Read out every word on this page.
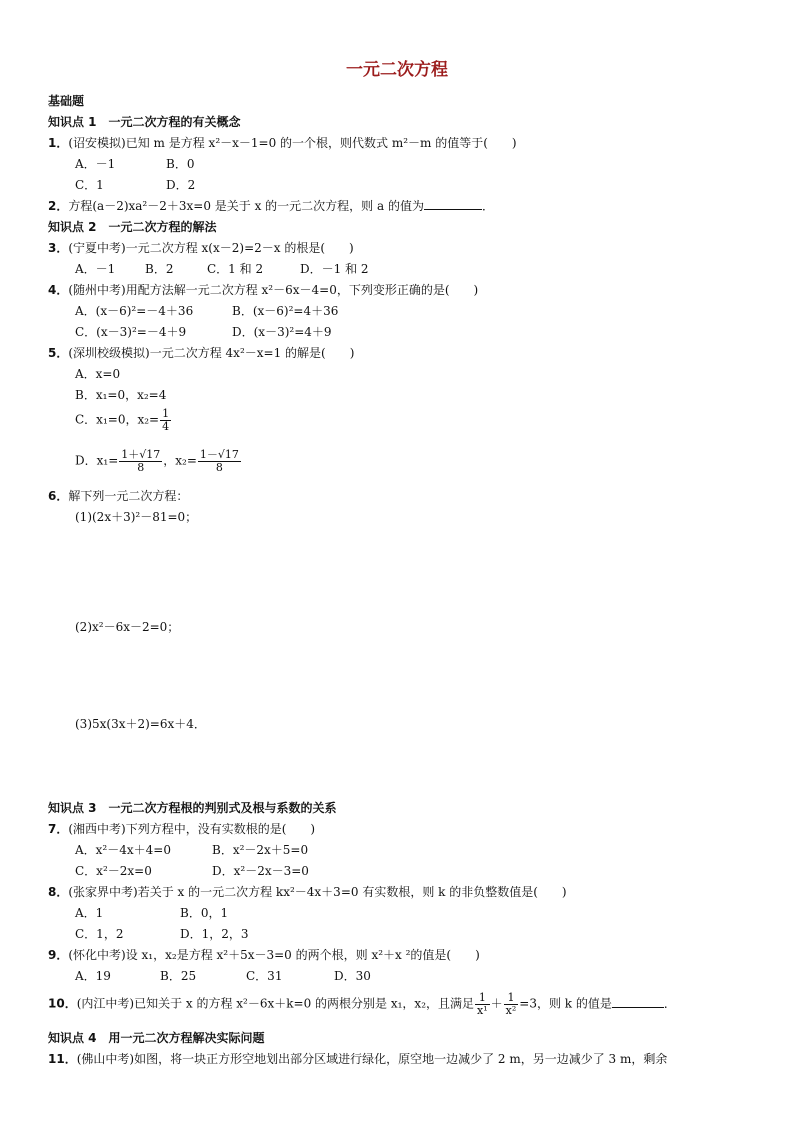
一元二次方程
基础题
知识点 1　一元二次方程的有关概念
1．(诏安模拟)已知 m 是方程 x²－x－1=0 的一个根，则代数式 m²－m 的值等于(　　)
A．－1	B．0
C．1	D．2
2．方程(a－2)xa²－2＋3x=0 是关于 x 的一元二次方程，则 a 的值为	．
知识点 2　一元二次方程的解法
3．(宁夏中考)一元二次方程 x(x－2)=2－x 的根是(　　)
A．－1 B．2	C．1 和 2	D．－1 和 2
4．(随州中考)用配方法解一元二次方程 x²－6x－4=0，下列变形正确的是(　　)
A．(x－6)²=－4＋36	B．(x－6)²=4＋36
C．(x－3)²=－4＋9	D．(x－3)²=4＋9
5．(深圳校级模拟)一元二次方程 4x²－x=1 的解是(　　)
A．x=0
B．x₁=0，x₂=4
C．x₁=0，$x_2= \frac{1}{4}$
D．$x_1= \frac{1+√17}{8}$ ，$x_2= \frac{1-√17}{8}$
6．解下列一元二次方程：
(1)(2x＋3)²－81=0；
(2)x²－6x－2=0；
(3)5x(3x＋2)=6x＋4．
知识点 3　一元二次方程根的判别式及根与系数的关系
7．(湘西中考)下列方程中，没有实数根的是(　　)
A．x²－4x＋4=0	B．x²－2x＋5=0
C．x²－2x=0	D．x²－2x－3=0
8．(张家界中考)若关于 x 的一元二次方程 kx²－4x＋3=0 有实数根，则 k 的非负整数值是(　　)
A．1	B．0，1
C．1，2	D．1，2，3
9．(怀化中考)设 x₁，x₂是方程 x²＋5x－3=0 的两个根，则 x²＋x ²的值是(　　)
A．19	B．25	C．31	D．30
10．(内江中考)已知关于 x 的方程 x²－6x＋k=0 的两根分别是 x₁，x₂，且满足 $\frac{1}{\text{x¹}} + \frac{1}{\text{x²}} =3$，则 k 的值是	．
知识点 4　用一元二次方程解决实际问题
11．(佛山中考)如图，将一块正方形空地划出部分区域进行绿化，原空地一边减少了 2 m，另一边减少了 3 m，剩余
